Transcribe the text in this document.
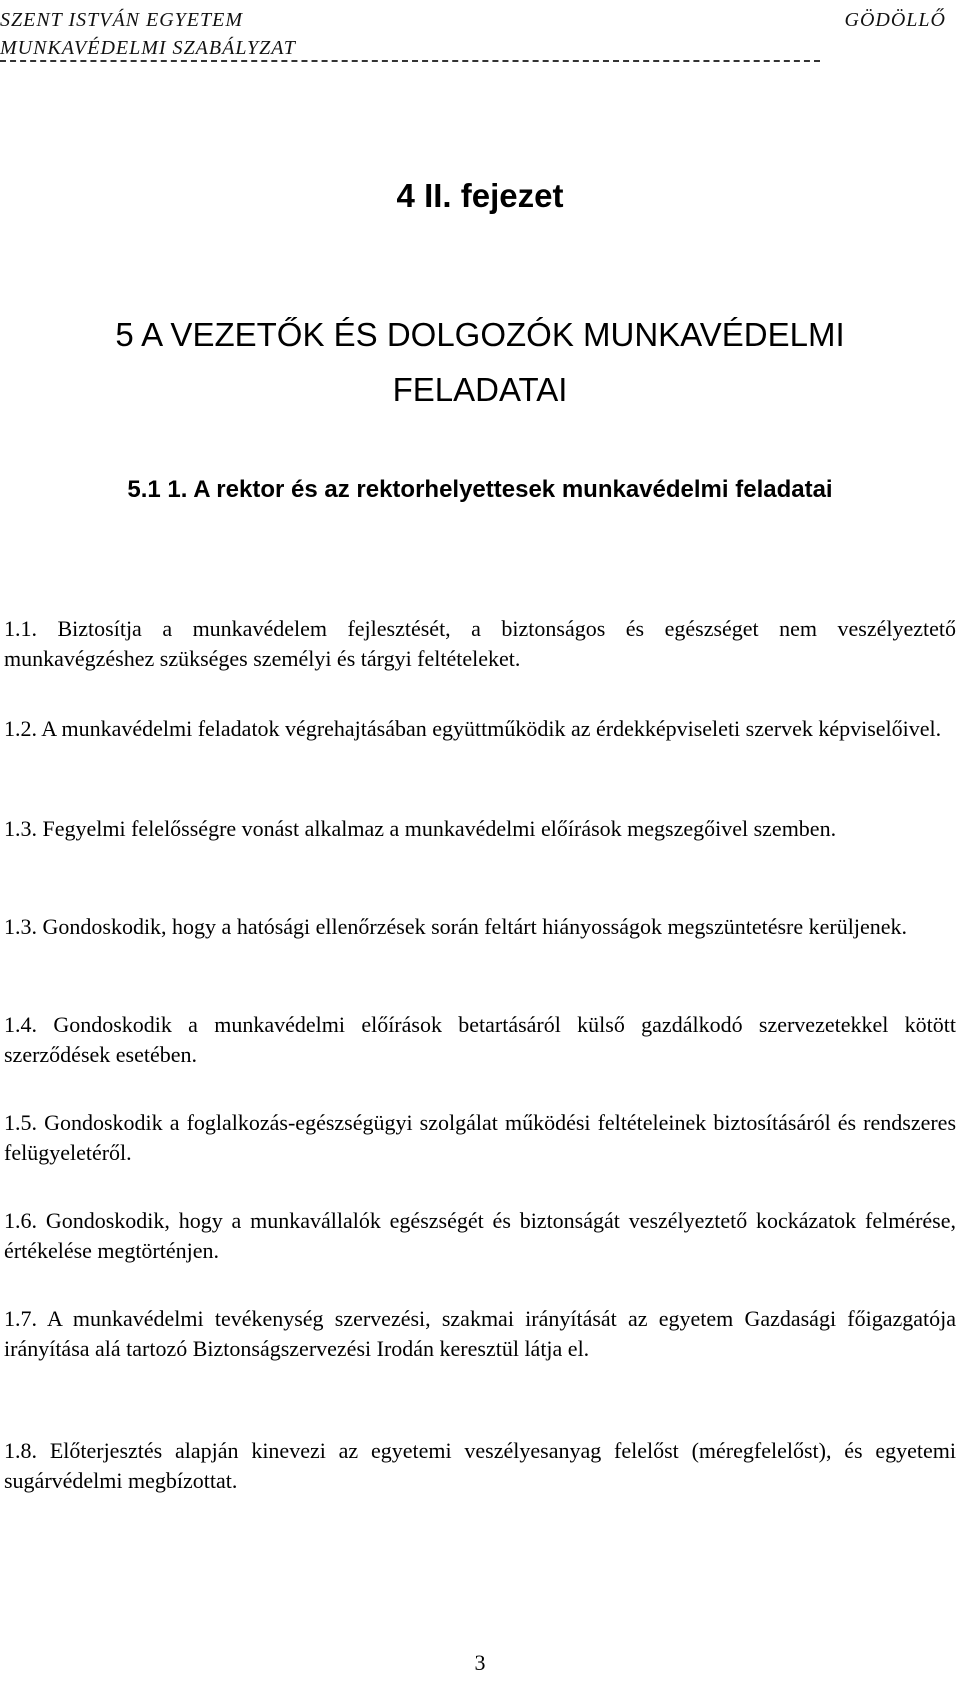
SZENT ISTVÁN EGYETEM
MUNKAVÉDELMI SZABÁLYZAT
GÖDÖLLŐ
4 II. fejezet
5 A VEZETŐK ÉS DOLGOZÓK MUNKAVÉDELMI FELADATAI
5.1 1. A rektor és az rektorhelyettesek munkavédelmi feladatai
1.1. Biztosítja a munkavédelem fejlesztését, a biztonságos és egészséget nem veszélyeztető munkavégzéshez szükséges személyi és tárgyi feltételeket.
1.2. A munkavédelmi feladatok végrehajtásában együttműködik az érdekképviseleti szervek képviselőivel.
1.3. Fegyelmi felelősségre vonást alkalmaz a munkavédelmi előírások megszegőivel szemben.
1.3. Gondoskodik, hogy a hatósági ellenőrzések során feltárt hiányosságok megszüntetésre kerüljenek.
1.4. Gondoskodik a munkavédelmi előírások betartásáról külső gazdálkodó szervezetekkel kötött szerződések esetében.
1.5. Gondoskodik a foglalkozás-egészségügyi szolgálat működési feltételeinek biztosításáról és rendszeres felügyeletéről.
1.6. Gondoskodik, hogy a munkavállalók egészségét és biztonságát veszélyeztető kockázatok felmérése, értékelése megtörténjen.
1.7. A munkavédelmi tevékenység szervezési, szakmai irányítását az egyetem Gazdasági főigazgatója irányítása alá tartozó Biztonságszervezési Irodán keresztül látja el.
1.8. Előterjesztés alapján kinevezi az egyetemi veszélyesanyag felelőst (méregfelelőst), és egyetemi sugárvédelmi megbízottat.
3
